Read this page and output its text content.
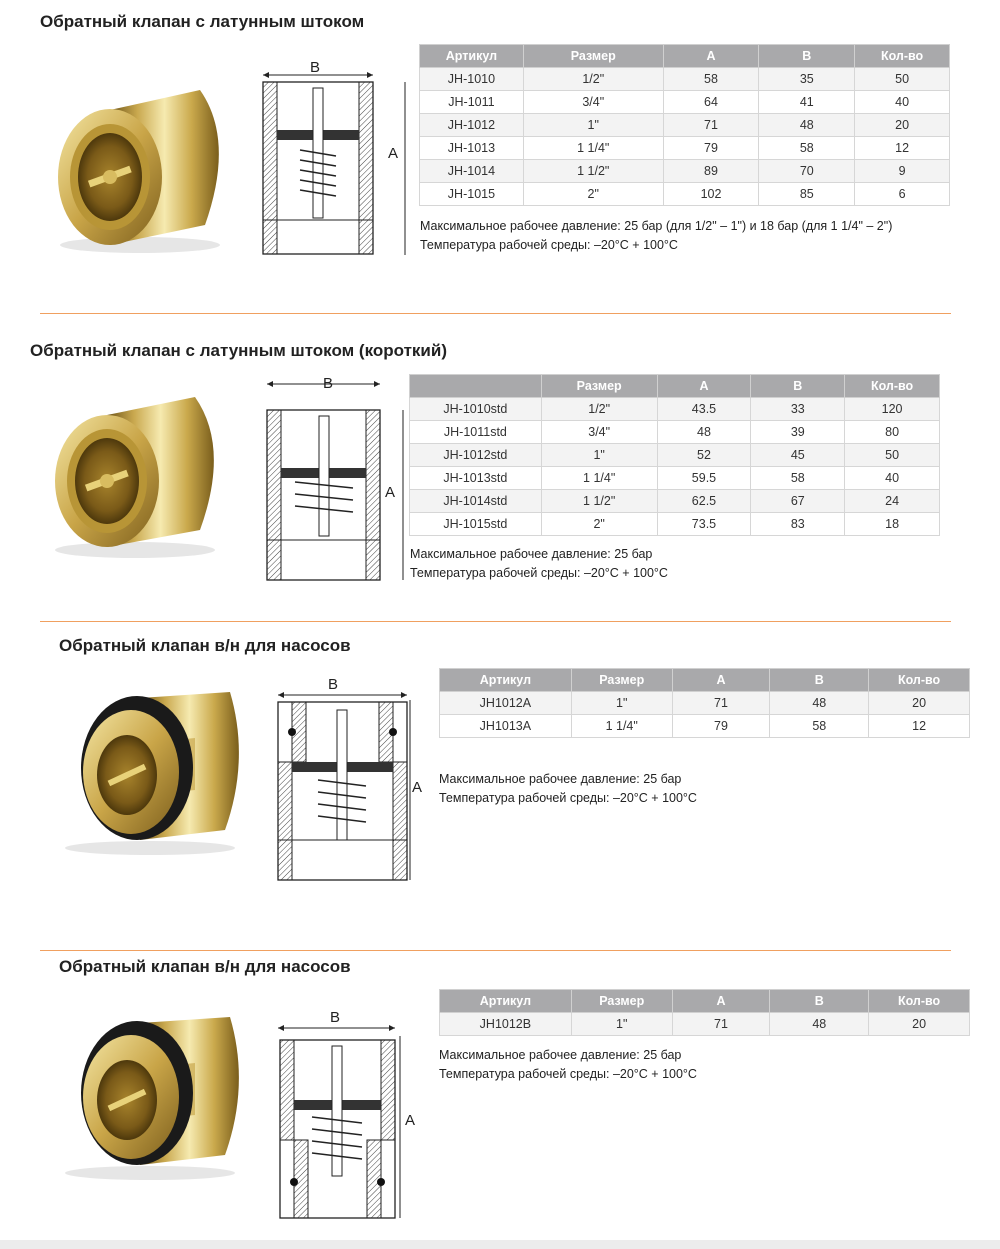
Обратный клапан с латунным штоком
B
A
Артикул	Размер	A	B	Кол-во
JH-1010	1/2"	58	35	50
JH-1011	3/4"	64	41	40
JH-1012	1"	71	48	20
JH-1013	1 1/4"	79	58	12
JH-1014	1 1/2"	89	70	9
JH-1015	2"	102	85	6
Максимальное рабочее давление: 25 бар (для 1/2" – 1") и 18 бар (для 1 1/4" – 2")
Температура рабочей среды: –20°C + 100°C
Обратный клапан с латунным штоком (короткий)
B
A
	Размер	A	B	Кол-во
JH-1010std	1/2"	43.5	33	120
JH-1011std	3/4"	48	39	80
JH-1012std	1"	52	45	50
JH-1013std	1 1/4"	59.5	58	40
JH-1014std	1 1/2"	62.5	67	24
JH-1015std	2"	73.5	83	18
Максимальное рабочее давление: 25 бар
Температура рабочей среды: –20°C + 100°C
Обратный клапан в/н для насосов
B
A
Артикул	Размер	A	B	Кол-во
JH1012A	1"	71	48	20
JH1013A	1 1/4"	79	58	12
Максимальное рабочее давление: 25 бар
Температура рабочей среды: –20°C + 100°C
Обратный клапан в/н для насосов
B
A
Артикул	Размер	A	B	Кол-во
JH1012B	1"	71	48	20
Максимальное рабочее давление: 25 бар
Температура рабочей среды: –20°C + 100°C
